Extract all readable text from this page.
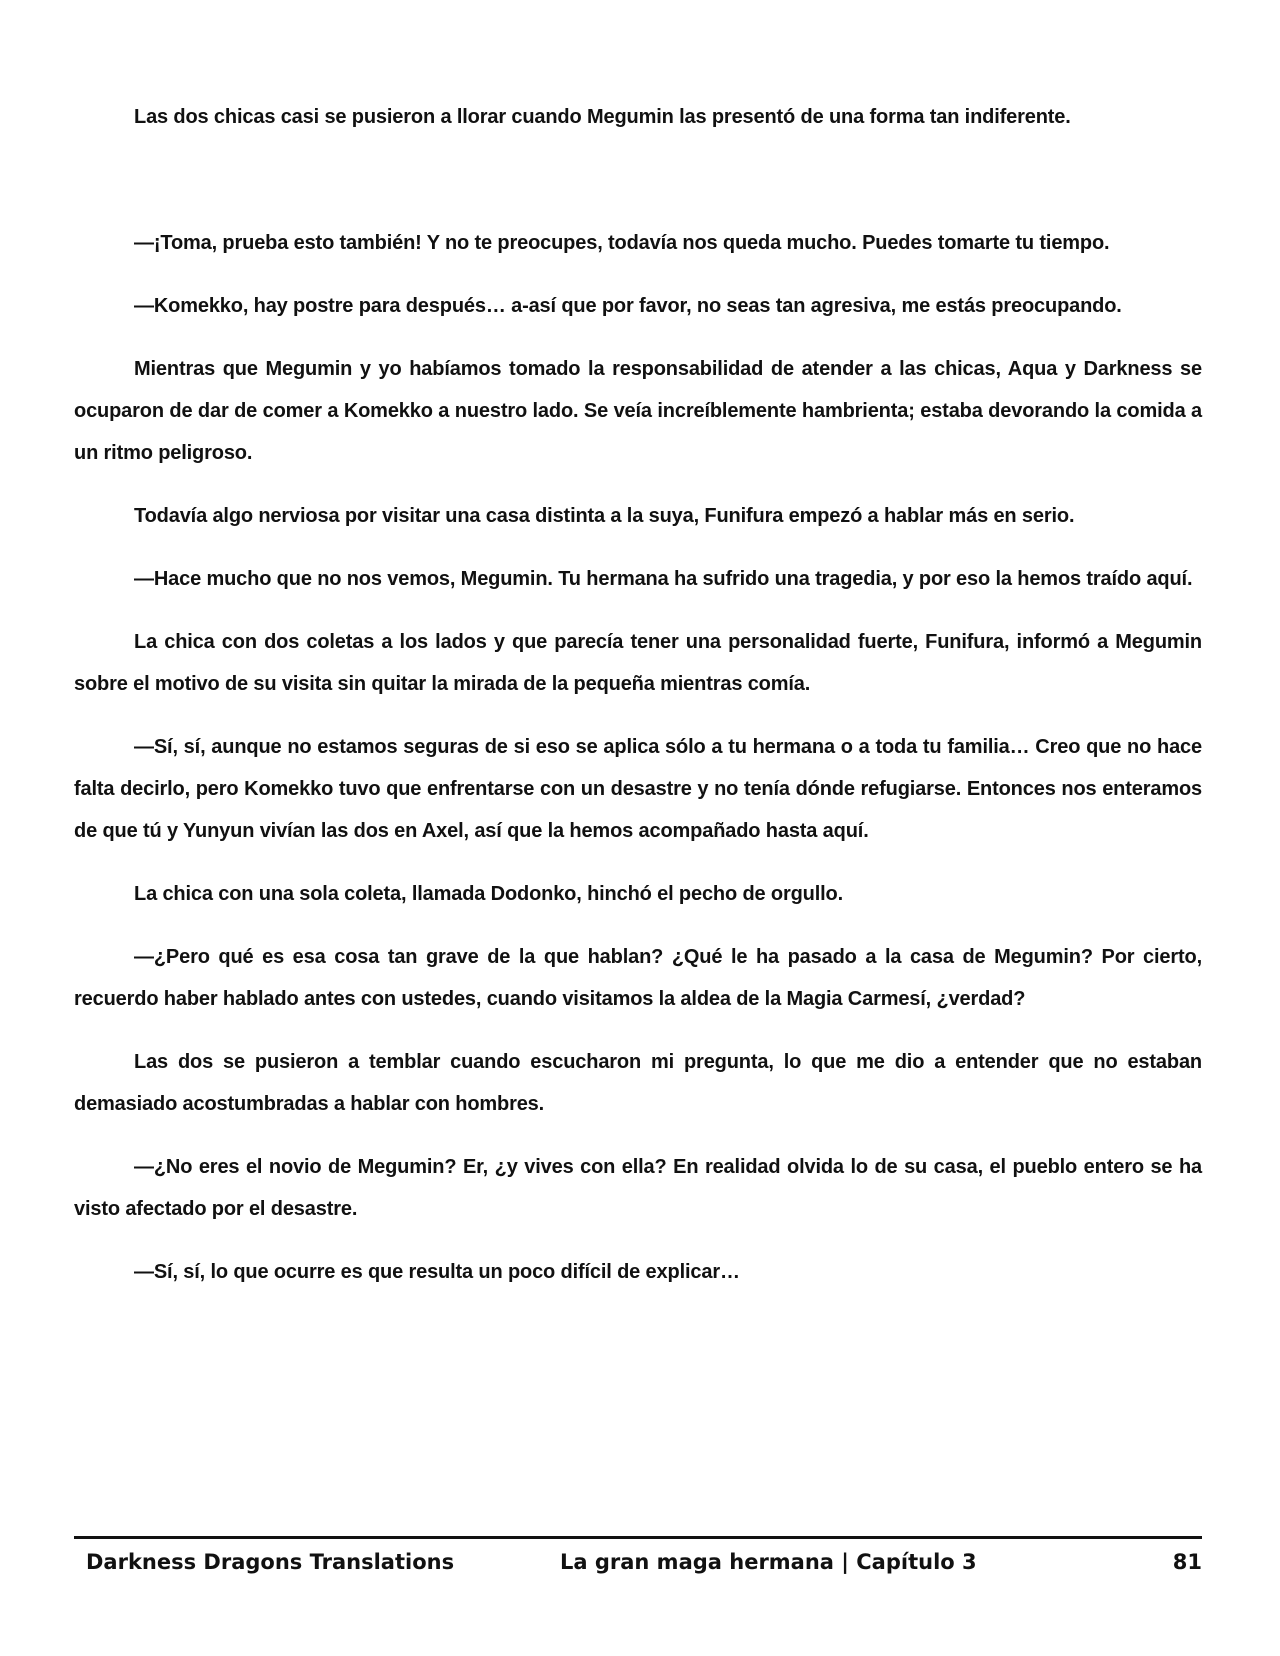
Las dos chicas casi se pusieron a llorar cuando Megumin las presentó de una forma tan indiferente.

—¡Toma, prueba esto también! Y no te preocupes, todavía nos queda mucho. Puedes tomarte tu tiempo.

—Komekko, hay postre para después… a-así que por favor, no seas tan agresiva, me estás preocupando.

Mientras que Megumin y yo habíamos tomado la responsabilidad de atender a las chicas, Aqua y Darkness se ocuparon de dar de comer a Komekko a nuestro lado. Se veía increíblemente hambrienta; estaba devorando la comida a un ritmo peligroso.

Todavía algo nerviosa por visitar una casa distinta a la suya, Funifura empezó a hablar más en serio.

—Hace mucho que no nos vemos, Megumin. Tu hermana ha sufrido una tragedia, y por eso la hemos traído aquí.

La chica con dos coletas a los lados y que parecía tener una personalidad fuerte, Funifura, informó a Megumin sobre el motivo de su visita sin quitar la mirada de la pequeña mientras comía.

—Sí, sí, aunque no estamos seguras de si eso se aplica sólo a tu hermana o a toda tu familia… Creo que no hace falta decirlo, pero Komekko tuvo que enfrentarse con un desastre y no tenía dónde refugiarse. Entonces nos enteramos de que tú y Yunyun vivían las dos en Axel, así que la hemos acompañado hasta aquí.

La chica con una sola coleta, llamada Dodonko, hinchó el pecho de orgullo.

—¿Pero qué es esa cosa tan grave de la que hablan? ¿Qué le ha pasado a la casa de Megumin? Por cierto, recuerdo haber hablado antes con ustedes, cuando visitamos la aldea de la Magia Carmesí, ¿verdad?

Las dos se pusieron a temblar cuando escucharon mi pregunta, lo que me dio a entender que no estaban demasiado acostumbradas a hablar con hombres.

—¿No eres el novio de Megumin? Er, ¿y vives con ella? En realidad olvida lo de su casa, el pueblo entero se ha visto afectado por el desastre.

—Sí, sí, lo que ocurre es que resulta un poco difícil de explicar…

Darkness Dragons Translations	La gran maga hermana | Capítulo 3	81
